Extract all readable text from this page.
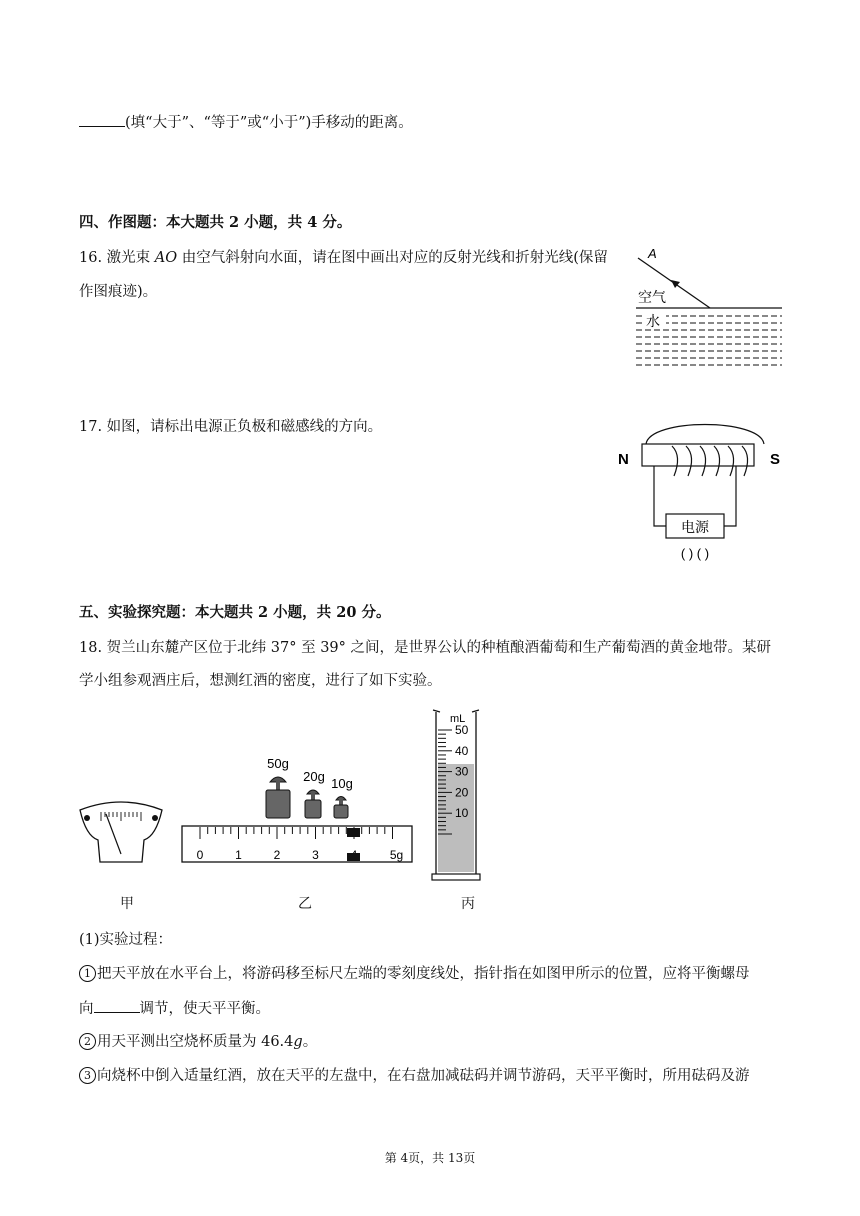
(填“大于”、“等于”或“小于”)手移动的距离。
四、作图题：本大题共 2 小题，共 4 分。
16. 激光束 AO 由空气斜射向水面，请在图中画出对应的反射光线和折射光线(保留
作图痕迹)。
A
空气
水
17. 如图，请标出电源正负极和磁感线的方向。
N	S
电源
( ) ( )
五、实验探究题：本大题共 2 小题，共 20 分。
18. 贺兰山东麓产区位于北纬 37° 至 39° 之间，是世界公认的种植酿酒葡萄和生产葡萄酒的黄金地带。某研
学小组参观酒庄后，想测红酒的密度，进行了如下实验。
50g
20g 10g
0	1	2	3	5g
mL
50
40
30
20
10
甲	乙	丙
(1)实验过程：
1 把天平放在水平台上，将游码移至标尺左端的零刻度线处，指针指在如图甲所示的位置，应将平衡螺母
向	调节，使天平平衡。
2 用天平测出空烧杯质量为 46.4g。
3 向烧杯中倒入适量红酒，放在天平的左盘中，在右盘加减砝码并调节游码，天平平衡时，所用砝码及游
第 4页，共 13页
